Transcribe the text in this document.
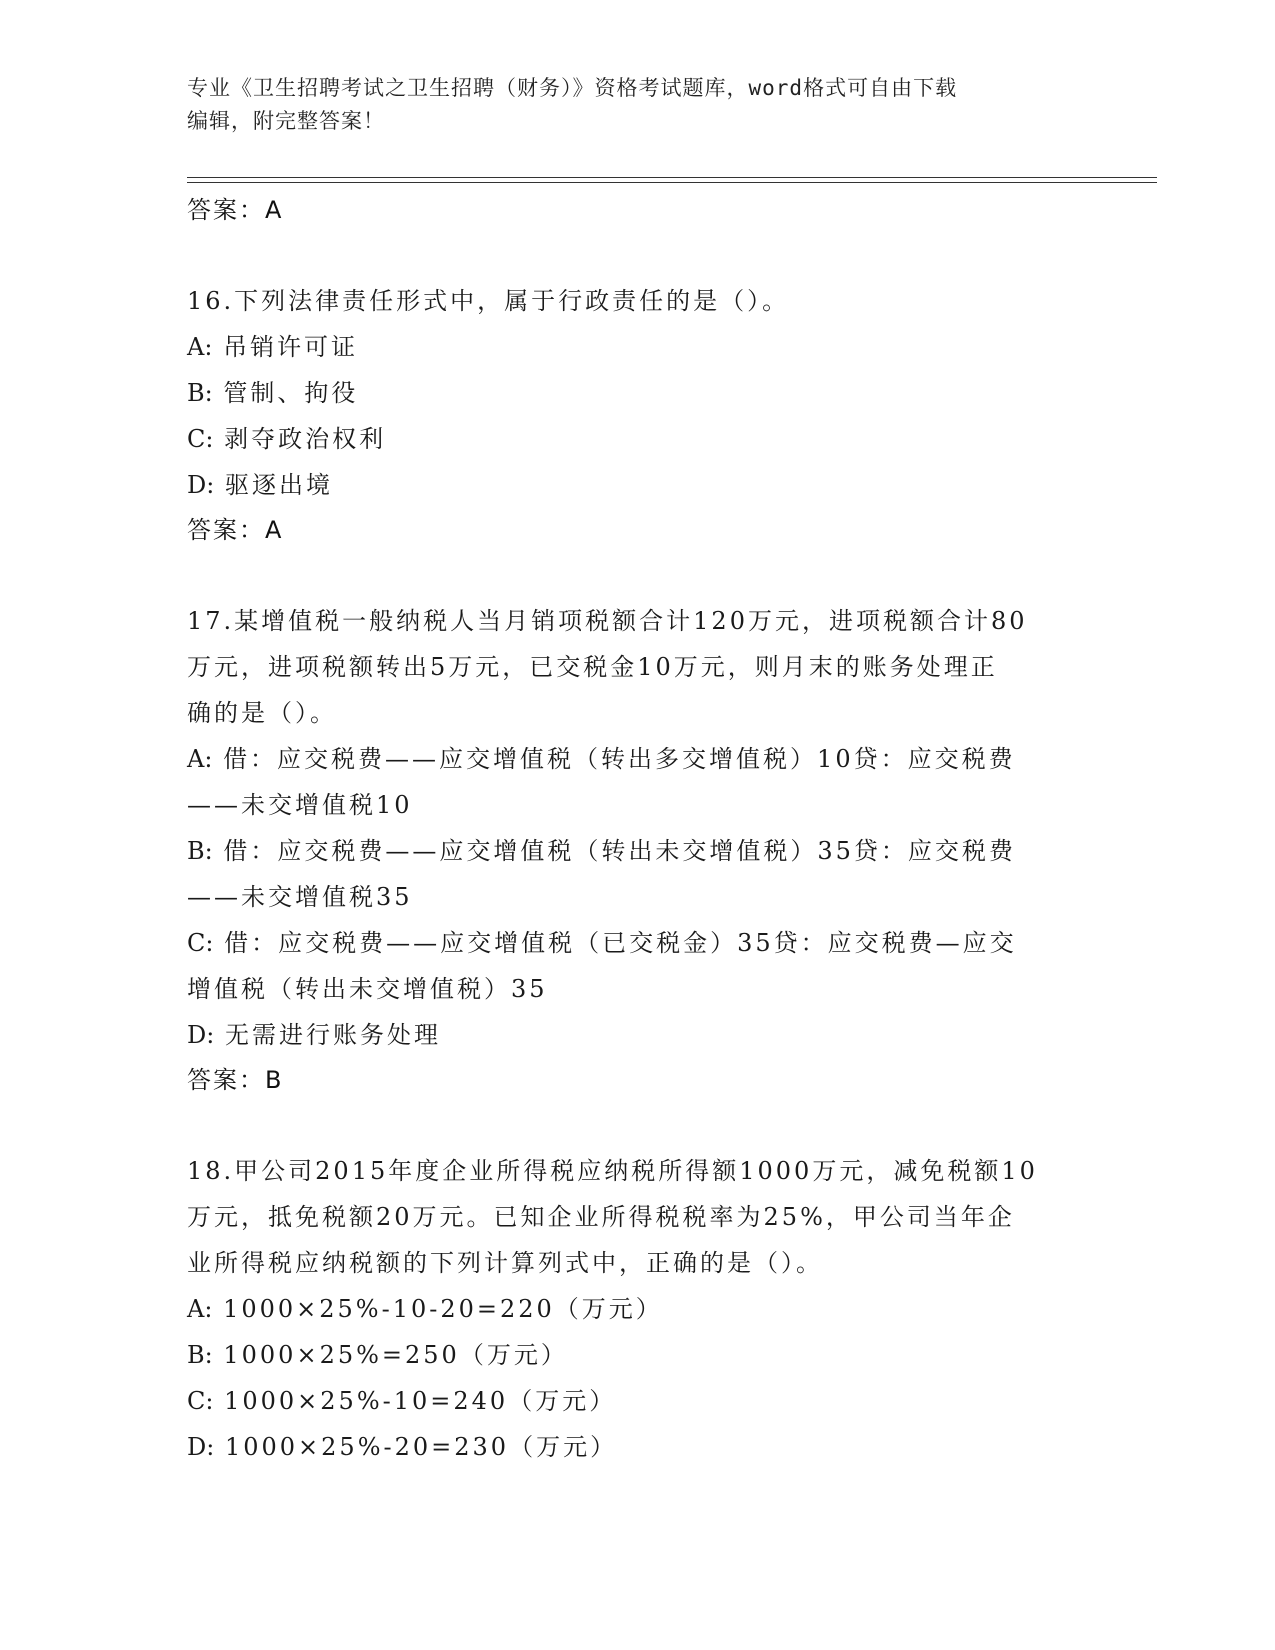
专业《卫生招聘考试之卫生招聘（财务）》资格考试题库，word格式可自由下载
编辑，附完整答案！
答案：A
16.下列法律责任形式中，属于行政责任的是（）。
A: 吊销许可证
B: 管制、拘役
C: 剥夺政治权利
D: 驱逐出境
答案：A
17.某增值税一般纳税人当月销项税额合计120万元，进项税额合计80
万元，进项税额转出5万元，已交税金10万元，则月末的账务处理正
确的是（）。
A: 借：应交税费——应交增值税（转出多交增值税）10贷：应交税费
——未交增值税10
B: 借：应交税费——应交增值税（转出未交增值税）35贷：应交税费
——未交增值税35
C: 借：应交税费——应交增值税（已交税金）35贷：应交税费—应交
增值税（转出未交增值税）35
D: 无需进行账务处理
答案：B
18.甲公司2015年度企业所得税应纳税所得额1000万元，减免税额10
万元，抵免税额20万元。已知企业所得税税率为25%，甲公司当年企
业所得税应纳税额的下列计算列式中，正确的是（）。
A: 1000×25%-10-20=220（万元）
B: 1000×25%=250（万元）
C: 1000×25%-10=240（万元）
D: 1000×25%-20=230（万元）
